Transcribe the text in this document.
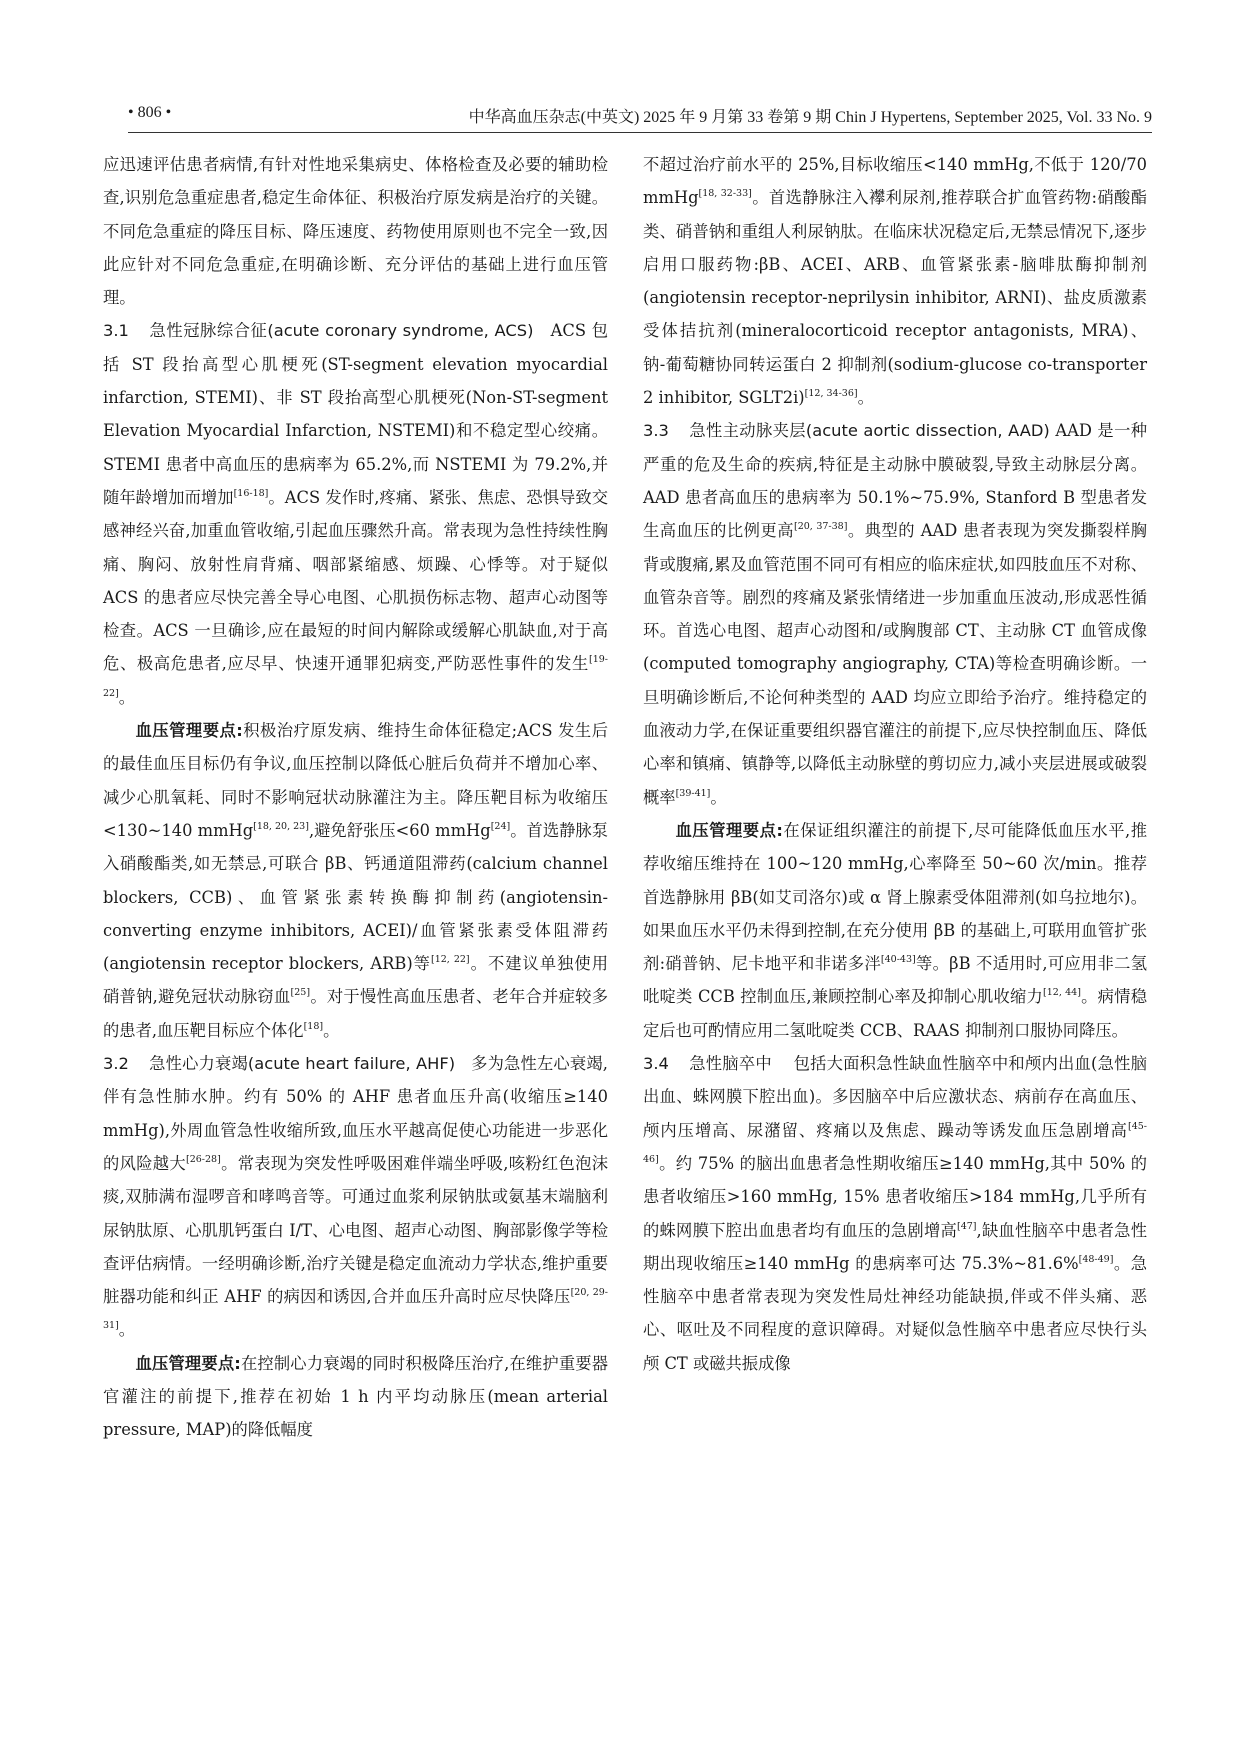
• 806 •	中华高血压杂志(中英文) 2025 年 9 月第 33 卷第 9 期 Chin J Hypertens, September 2025, Vol. 33 No. 9

应迅速评估患者病情,有针对性地采集病史、体格检查及必要的辅助检查,识别危急重症患者,稳定生命体征、积极治疗原发病是治疗的关键。不同危急重症的降压目标、降压速度、药物使用原则也不完全一致,因此应针对不同危急重症,在明确诊断、充分评估的基础上进行血压管理。

3.1 急性冠脉综合征(acute coronary syndrome, ACS) ACS 包括 ST 段抬高型心肌梗死(ST-segment elevation myocardial infarction, STEMI)、非 ST 段抬高型心肌梗死(Non-ST-segment Elevation Myocardial Infarction, NSTEMI)和不稳定型心绞痛。STEMI 患者中高血压的患病率为 65.2%,而 NSTEMI 为 79.2%,并随年龄增加而增加[16-18]。ACS 发作时,疼痛、紧张、焦虑、恐惧导致交感神经兴奋,加重血管收缩,引起血压骤然升高。常表现为急性持续性胸痛、胸闷、放射性肩背痛、咽部紧缩感、烦躁、心悸等。对于疑似 ACS 的患者应尽快完善全导心电图、心肌损伤标志物、超声心动图等检查。ACS 一旦确诊,应在最短的时间内解除或缓解心肌缺血,对于高危、极高危患者,应尽早、快速开通罪犯病变,严防恶性事件的发生[19-22]。

血压管理要点:积极治疗原发病、维持生命体征稳定;ACS 发生后的最佳血压目标仍有争议,血压控制以降低心脏后负荷并不增加心率、减少心肌氧耗、同时不影响冠状动脉灌注为主。降压靶目标为收缩压<130~140 mmHg[18, 20, 23],避免舒张压<60 mmHg[24]。首选静脉泵入硝酸酯类,如无禁忌,可联合 βB、钙通道阻滞药(calcium channel blockers, CCB)、血管紧张素转换酶抑制药(angiotensin-converting enzyme inhibitors, ACEI)/血管紧张素受体阻滞药(angiotensin receptor blockers, ARB)等[12, 22]。不建议单独使用硝普钠,避免冠状动脉窃血[25]。对于慢性高血压患者、老年合并症较多的患者,血压靶目标应个体化[18]。

3.2 急性心力衰竭(acute heart failure, AHF) 多为急性左心衰竭,伴有急性肺水肿。约有 50% 的 AHF 患者血压升高(收缩压≥140 mmHg),外周血管急性收缩所致,血压水平越高促使心功能进一步恶化的风险越大[26-28]。常表现为突发性呼吸困难伴端坐呼吸,咳粉红色泡沫痰,双肺满布湿啰音和哮鸣音等。可通过血浆利尿钠肽或氨基末端脑利尿钠肽原、心肌肌钙蛋白 I/T、心电图、超声心动图、胸部影像学等检查评估病情。一经明确诊断,治疗关键是稳定血流动力学状态,维护重要脏器功能和纠正 AHF 的病因和诱因,合并血压升高时应尽快降压[20, 29-31]。

血压管理要点:在控制心力衰竭的同时积极降压治疗,在维护重要器官灌注的前提下,推荐在初始 1 h 内平均动脉压(mean arterial pressure, MAP)的降低幅度

不超过治疗前水平的 25%,目标收缩压<140 mmHg,不低于 120/70 mmHg[18, 32-33]。首选静脉注入襻利尿剂,推荐联合扩血管药物:硝酸酯类、硝普钠和重组人利尿钠肽。在临床状况稳定后,无禁忌情况下,逐步启用口服药物:βB、ACEI、ARB、血管紧张素-脑啡肽酶抑制剂(angiotensin receptor-neprilysin inhibitor, ARNI)、盐皮质激素受体拮抗剂(mineralocorticoid receptor antagonists, MRA)、钠-葡萄糖协同转运蛋白 2 抑制剂(sodium-glucose co-transporter 2 inhibitor, SGLT2i)[12, 34-36]。

3.3 急性主动脉夹层(acute aortic dissection, AAD) AAD 是一种严重的危及生命的疾病,特征是主动脉中膜破裂,导致主动脉层分离。AAD 患者高血压的患病率为 50.1%~75.9%, Stanford B 型患者发生高血压的比例更高[20, 37-38]。典型的 AAD 患者表现为突发撕裂样胸背或腹痛,累及血管范围不同可有相应的临床症状,如四肢血压不对称、血管杂音等。剧烈的疼痛及紧张情绪进一步加重血压波动,形成恶性循环。首选心电图、超声心动图和/或胸腹部 CT、主动脉 CT 血管成像(computed tomography angiography, CTA)等检查明确诊断。一旦明确诊断后,不论何种类型的 AAD 均应立即给予治疗。维持稳定的血液动力学,在保证重要组织器官灌注的前提下,应尽快控制血压、降低心率和镇痛、镇静等,以降低主动脉壁的剪切应力,减小夹层进展或破裂概率[39-41]。

血压管理要点:在保证组织灌注的前提下,尽可能降低血压水平,推荐收缩压维持在 100~120 mmHg,心率降至 50~60 次/min。推荐首选静脉用 βB(如艾司洛尔)或 α 肾上腺素受体阻滞剂(如乌拉地尔)。如果血压水平仍未得到控制,在充分使用 βB 的基础上,可联用血管扩张剂:硝普钠、尼卡地平和非诺多泮[40-43]等。βB 不适用时,可应用非二氢吡啶类 CCB 控制血压,兼顾控制心率及抑制心肌收缩力[12, 44]。病情稳定后也可酌情应用二氢吡啶类 CCB、RAAS 抑制剂口服协同降压。

3.4 急性脑卒中 包括大面积急性缺血性脑卒中和颅内出血(急性脑出血、蛛网膜下腔出血)。多因脑卒中后应激状态、病前存在高血压、颅内压增高、尿潴留、疼痛以及焦虑、躁动等诱发血压急剧增高[45-46]。约 75% 的脑出血患者急性期收缩压≥140 mmHg,其中 50% 的患者收缩压>160 mmHg, 15% 患者收缩压>184 mmHg,几乎所有的蛛网膜下腔出血患者均有血压的急剧增高[47],缺血性脑卒中患者急性期出现收缩压≥140 mmHg 的患病率可达 75.3%~81.6%[48-49]。急性脑卒中患者常表现为突发性局灶神经功能缺损,伴或不伴头痛、恶心、呕吐及不同程度的意识障碍。对疑似急性脑卒中患者应尽快行头颅 CT 或磁共振成像
